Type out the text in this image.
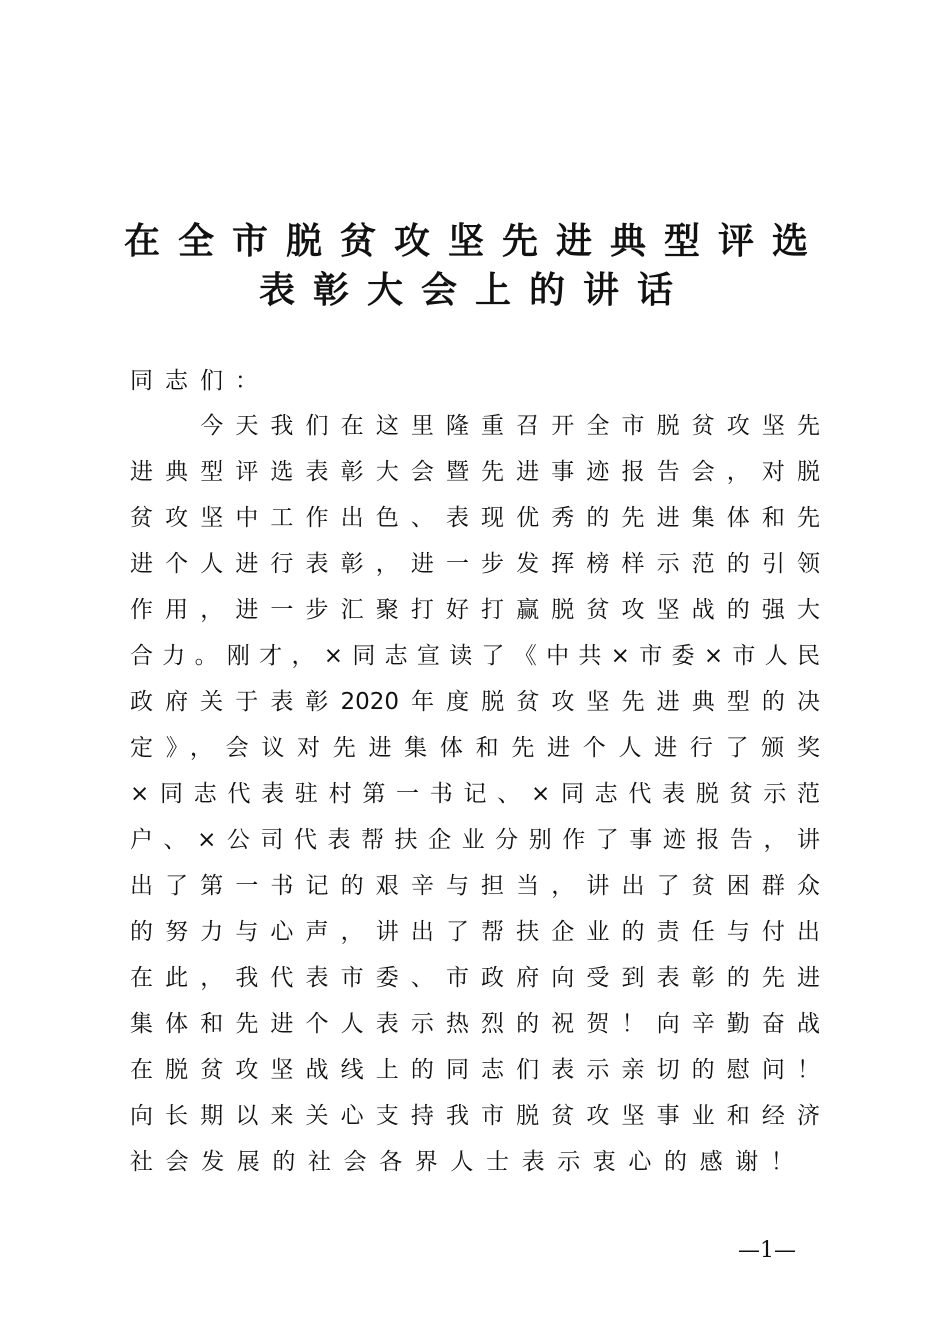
在全市脱贫攻坚先进典型评选
表彰大会上的讲话
同志们：
　　今天我们在这里隆重召开全市脱贫攻坚先
进典型评选表彰大会暨先进事迹报告会，对脱
贫攻坚中工作出色、表现优秀的先进集体和先
进个人进行表彰，进一步发挥榜样示范的引领
作用，进一步汇聚打好打赢脱贫攻坚战的强大
合力。刚才，×同志宣读了《中共×市委×市人民
政府关于表彰2020年度脱贫攻坚先进典型的决
定》，会议对先进集体和先进个人进行了颁奖
×同志代表驻村第一书记、×同志代表脱贫示范
户、×公司代表帮扶企业分别作了事迹报告，讲
出了第一书记的艰辛与担当，讲出了贫困群众
的努力与心声，讲出了帮扶企业的责任与付出
在此，我代表市委、市政府向受到表彰的先进
集体和先进个人表示热烈的祝贺！向辛勤奋战
在脱贫攻坚战线上的同志们表示亲切的慰问！
向长期以来关心支持我市脱贫攻坚事业和经济
社会发展的社会各界人士表示衷心的感谢！
—1—
